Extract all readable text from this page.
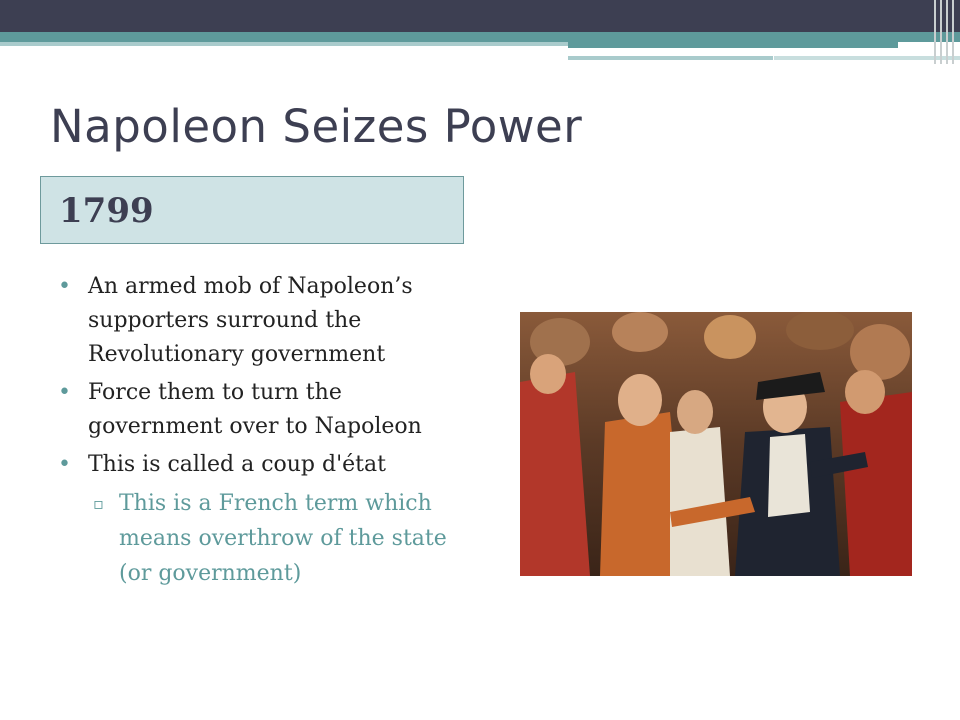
Napoleon Seizes Power
1799
• An armed mob of Napoleon’s supporters surround the Revolutionary government
• Force them to turn the government over to Napoleon
• This is called a coup d'état
▫ This is a French term which means overthrow of the state (or government)
